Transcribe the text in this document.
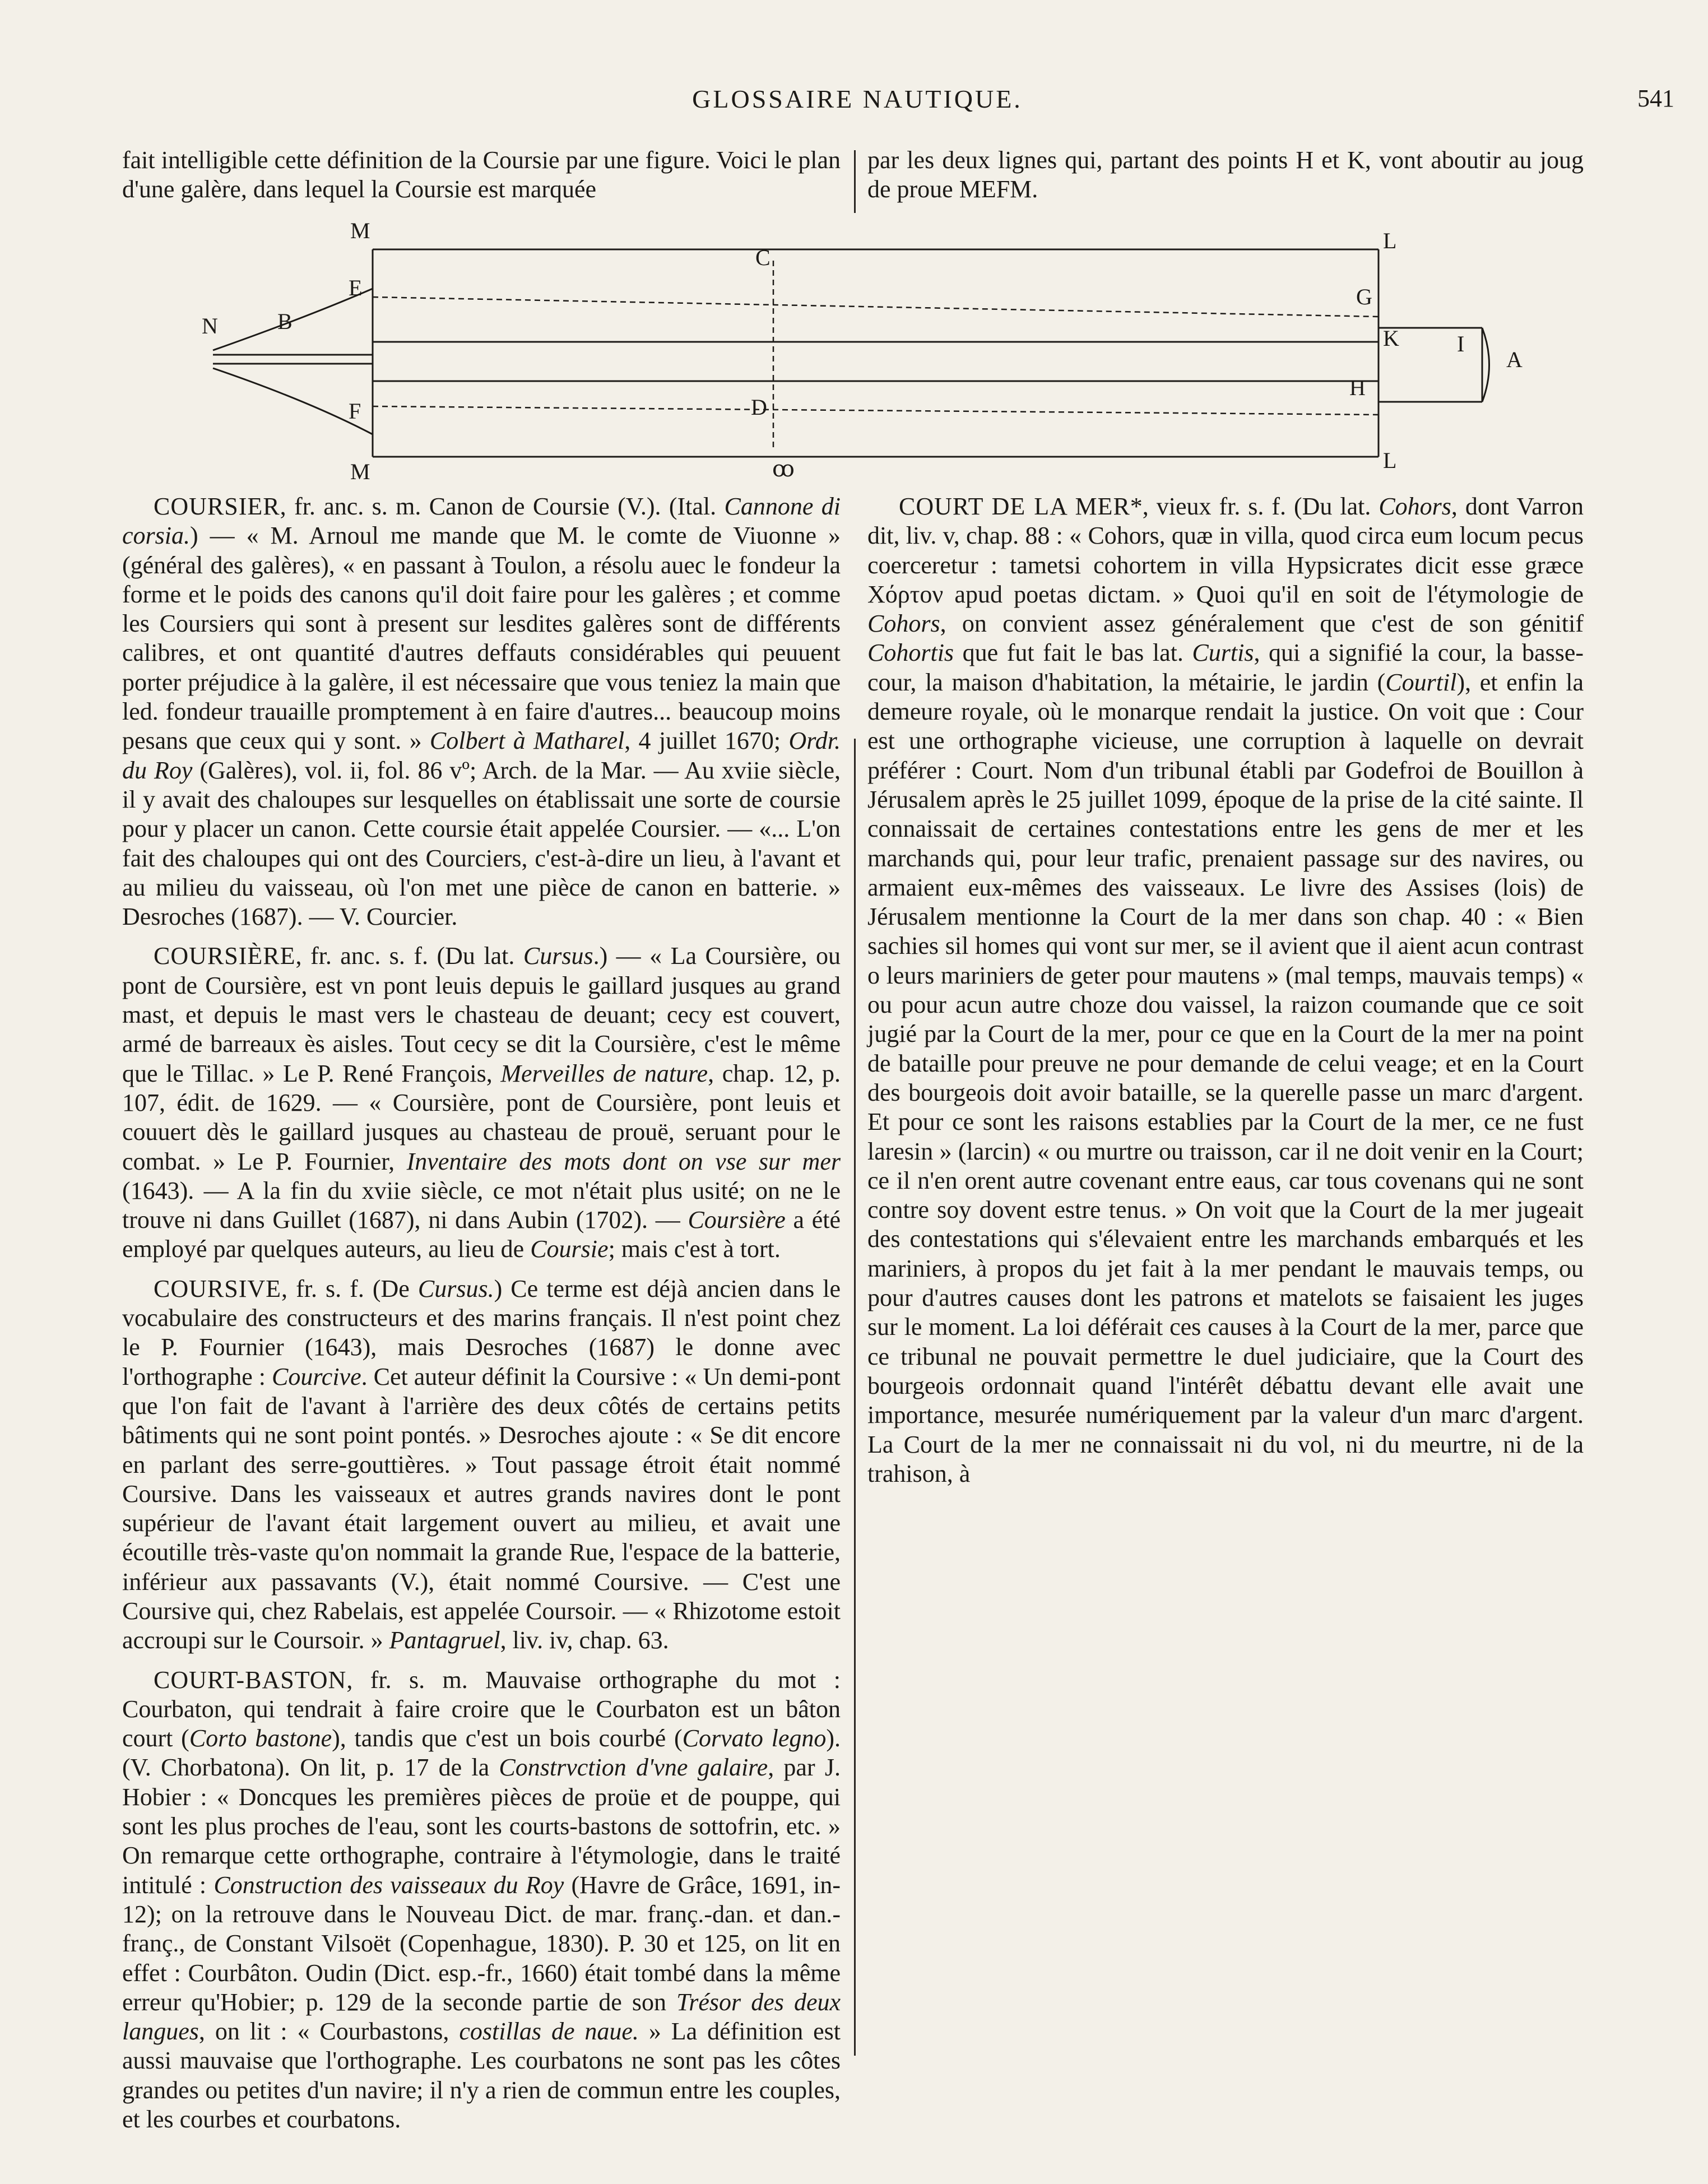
GLOSSAIRE NAUTIQUE.	541
fait intelligible cette définition de la Coursie par une figure. Voici le plan d'une galère, dans lequel la Coursie est marquée
par les deux lignes qui, partant des points H et K, vont aboutir au joug de proue MEFM.
M
E
N	B
F
M
C
D
G
K	I
H
A
L
L
ꝏ

COURSIER, fr. anc. s. m. Canon de Coursie (V.). (Ital. Cannone di corsia.) — « M. Arnoul me mande que M. le comte de Viuonne » (général des galères), « en passant à Toulon, a résolu auec le fondeur la forme et le poids des canons qu'il doit faire pour les galères ; et comme les Coursiers qui sont à present sur lesdites galères sont de différents calibres, et ont quantité d'autres deffauts considérables qui peuuent porter préjudice à la galère, il est nécessaire que vous teniez la main que led. fondeur trauaille promptement à en faire d'autres... beaucoup moins pesans que ceux qui y sont. » Colbert à Matharel, 4 juillet 1670; Ordr. du Roy (Galères), vol. ii, fol. 86 vº; Arch. de la Mar. — Au xviie siècle, il y avait des chaloupes sur lesquelles on établissait une sorte de coursie pour y placer un canon. Cette coursie était appelée Coursier. — «... L'on fait des chaloupes qui ont des Courciers, c'est-à-dire un lieu, à l'avant et au milieu du vaisseau, où l'on met une pièce de canon en batterie. » Desroches (1687). — V. Courcier.

COURSIÈRE, fr. anc. s. f. (Du lat. Cursus.) — « La Coursière, ou pont de Coursière, est vn pont leuis depuis le gaillard jusques au grand mast, et depuis le mast vers le chasteau de deuant; cecy est couvert, armé de barreaux ès aisles. Tout cecy se dit la Coursière, c'est le même que le Tillac. » Le P. René François, Merveilles de nature, chap. 12, p. 107, édit. de 1629. — « Coursière, pont de Coursière, pont leuis et couuert dès le gaillard jusques au chasteau de prouë, seruant pour le combat. » Le P. Fournier, Inventaire des mots dont on vse sur mer (1643). — A la fin du xviie siècle, ce mot n'était plus usité; on ne le trouve ni dans Guillet (1687), ni dans Aubin (1702). — Coursière a été employé par quelques auteurs, au lieu de Coursie; mais c'est à tort.

COURSIVE, fr. s. f. (De Cursus.) Ce terme est déjà ancien dans le vocabulaire des constructeurs et des marins français. Il n'est point chez le P. Fournier (1643), mais Desroches (1687) le donne avec l'orthographe : Courcive. Cet auteur définit la Coursive : « Un demi-pont que l'on fait de l'avant à l'arrière des deux côtés de certains petits bâtiments qui ne sont point pontés. » Desroches ajoute : « Se dit encore en parlant des serre-gouttières. » Tout passage étroit était nommé Coursive. Dans les vaisseaux et autres grands navires dont le pont supérieur de l'avant était largement ouvert au milieu, et avait une écoutille très-vaste qu'on nommait la grande Rue, l'espace de la batterie, inférieur aux passavants (V.), était nommé Coursive. — C'est une Coursive qui, chez Rabelais, est appelée Coursoir. — « Rhizotome estoit accroupi sur le Coursoir. » Pantagruel, liv. iv, chap. 63.

COURT-BASTON, fr. s. m. Mauvaise orthographe du mot : Courbaton, qui tendrait à faire croire que le Courbaton est un bâton court (Corto bastone), tandis que c'est un bois courbé (Corvato legno). (V. Chorbatona). On lit, p. 17 de la Constrvction d'vne galaire, par J. Hobier : « Doncques les premières pièces de proüe et de pouppe, qui sont les plus proches de l'eau, sont les courts-bastons de sottofrin, etc. » On remarque cette orthographe, contraire à l'étymologie, dans le traité intitulé : Construction des vaisseaux du Roy (Havre de Grâce, 1691, in-12); on la retrouve dans le Nouveau Dict. de mar. franç.-dan. et dan.-franç., de Constant Vilsoët (Copenhague, 1830). P. 30 et 125, on lit en effet : Courbâton. Oudin (Dict. esp.-fr., 1660) était tombé dans la même erreur qu'Hobier; p. 129 de la seconde partie de son Trésor des deux langues, on lit : « Courbastons, costillas de naue. » La définition est aussi mauvaise que l'orthographe. Les courbatons ne sont pas les côtes grandes ou petites d'un navire; il n'y a rien de commun entre les couples, et les courbes et courbatons.

COURT DE LA MER*, vieux fr. s. f. (Du lat. Cohors, dont Varron dit, liv. v, chap. 88 : « Cohors, quæ in villa, quod circa eum locum pecus coerceretur : tametsi cohortem in villa Hypsicrates dicit esse græce Χόρτον apud poetas dictam. » Quoi qu'il en soit de l'étymologie de Cohors, on convient assez généralement que c'est de son génitif Cohortis que fut fait le bas lat. Curtis, qui a signifié la cour, la basse-cour, la maison d'habitation, la métairie, le jardin (Courtil), et enfin la demeure royale, où le monarque rendait la justice. On voit que : Cour est une orthographe vicieuse, une corruption à laquelle on devrait préférer : Court. Nom d'un tribunal établi par Godefroi de Bouillon à Jérusalem après le 25 juillet 1099, époque de la prise de la cité sainte. Il connaissait de certaines contestations entre les gens de mer et les marchands qui, pour leur trafic, prenaient passage sur des navires, ou armaient eux-mêmes des vaisseaux. Le livre des Assises (lois) de Jérusalem mentionne la Court de la mer dans son chap. 40 : « Bien sachies sil homes qui vont sur mer, se il avient que il aient acun contrast o leurs mariniers de geter pour mautens » (mal temps, mauvais temps) « ou pour acun autre choze dou vaissel, la raizon coumande que ce soit jugié par la Court de la mer, pour ce que en la Court de la mer na point de bataille pour preuve ne pour demande de celui veage; et en la Court des bourgeois doit avoir bataille, se la querelle passe un marc d'argent. Et pour ce sont les raisons establies par la Court de la mer, ce ne fust laresin » (larcin) « ou murtre ou traisson, car il ne doit venir en la Court; ce il n'en orent autre covenant entre eaus, car tous covenans qui ne sont contre soy dovent estre tenus. » On voit que la Court de la mer jugeait des contestations qui s'élevaient entre les marchands embarqués et les mariniers, à propos du jet fait à la mer pendant le mauvais temps, ou pour d'autres causes dont les patrons et matelots se faisaient les juges sur le moment. La loi déférait ces causes à la Court de la mer, parce que ce tribunal ne pouvait permettre le duel judiciaire, que la Court des bourgeois ordonnait quand l'intérêt débattu devant elle avait une importance, mesurée numériquement par la valeur d'un marc d'argent. La Court de la mer ne connaissait ni du vol, ni du meurtre, ni de la trahison, à
